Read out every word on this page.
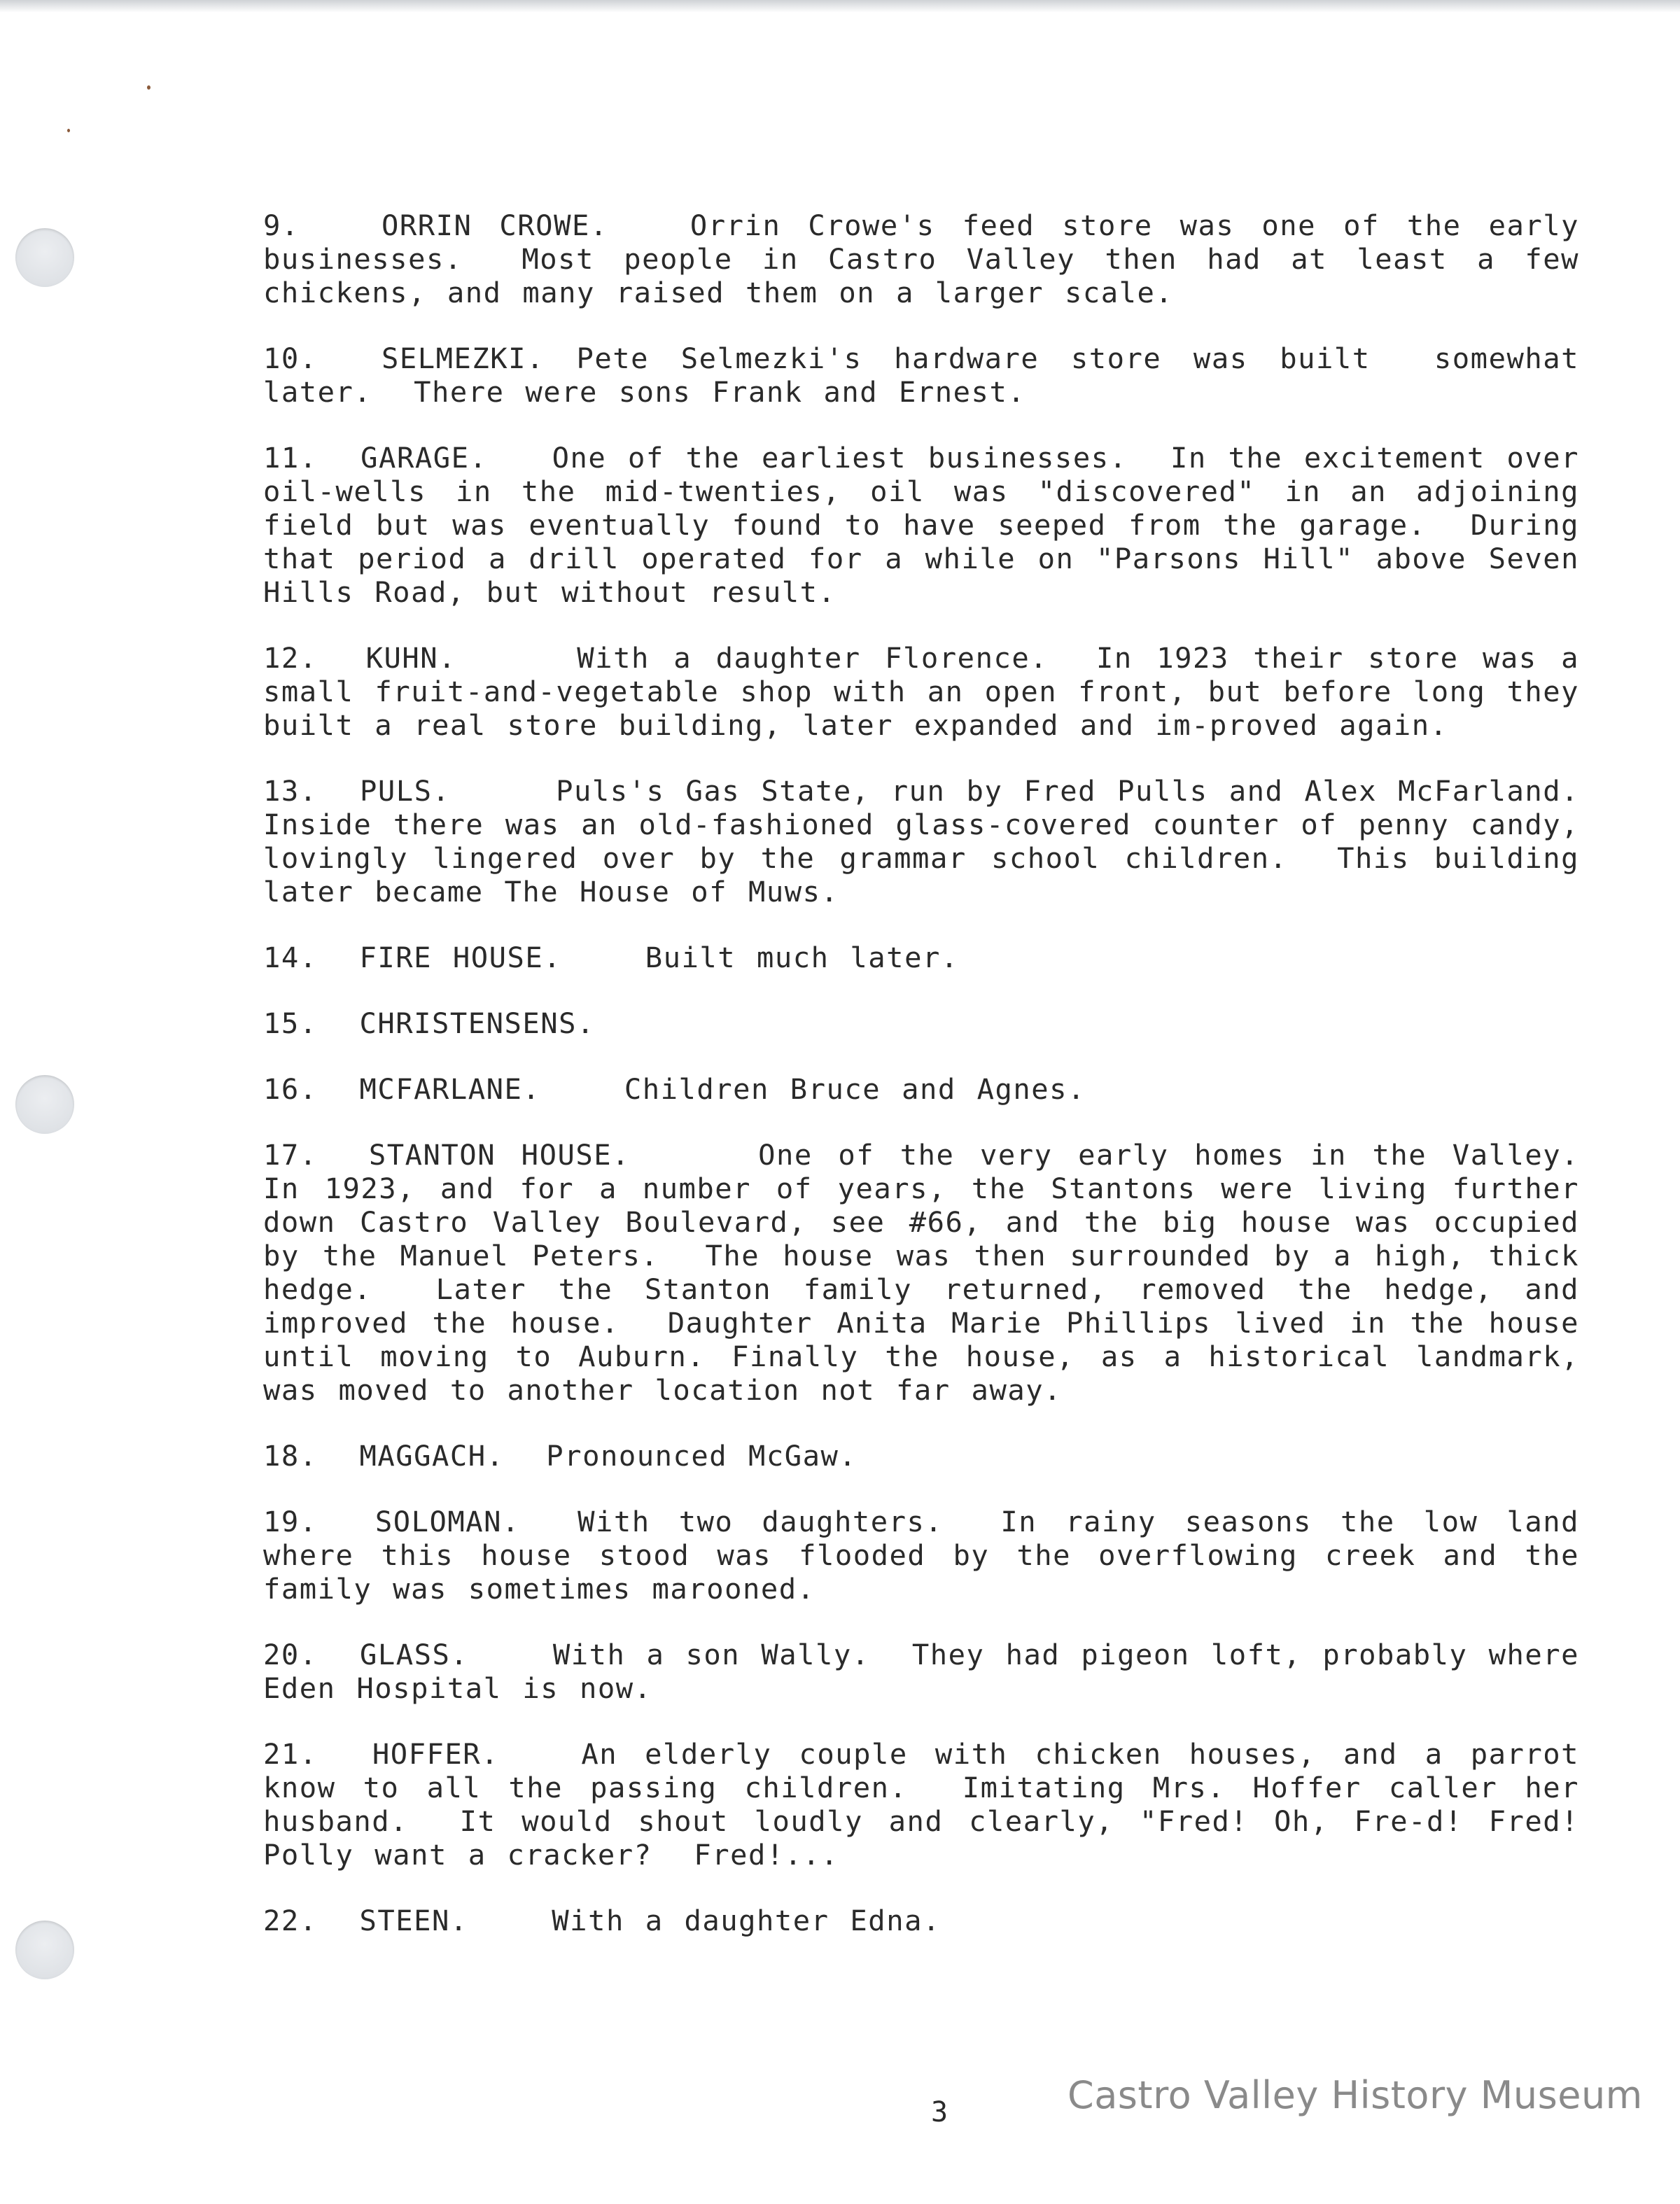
9.	ORRIN CROWE.	Orrin Crowe's feed store was one of the early businesses.  Most people in Castro Valley then had at least a few chickens, and many raised them on a larger scale.

10. SELMEZKI. Pete Selmezki's hardware store was built  somewhat later.  There were sons Frank and Ernest.

11. GARAGE. One of the earliest businesses.  In the excitement over oil-wells in the mid-twenties, oil was "discovered" in an adjoining field but was eventually found to have seeped from the garage.  During that period a drill operated for a while on "Parsons Hill" above Seven Hills Road, but without result.

12. KUHN.	With a daughter Florence.  In 1923 their store was a small fruit-and-vegetable shop with an open front, but before long they built a real store building, later expanded and im-proved again.

13. PULS.	Puls's Gas State, run by Fred Pulls and Alex McFarland.  Inside there was an old-fashioned glass-covered counter of penny candy, lovingly lingered over by the grammar school children.  This building later became The House of Muws.

14. FIRE HOUSE.	Built much later.

15. CHRISTENSENS.

16. MCFARLANE.	Children Bruce and Agnes.

17. STANTON HOUSE.	One of the very early homes in the Valley.  In 1923, and for a number of years, the Stantons were living further down Castro Valley Boulevard, see #66, and the big house was occupied by the Manuel Peters.  The house was then surrounded by a high, thick hedge.  Later the Stanton family returned, removed the hedge, and improved the house.  Daughter Anita Marie Phillips lived in the house until moving to Auburn. Finally the house, as a historical landmark, was moved to another location not far away.

18. MAGGACH. Pronounced McGaw.

19. SOLOMAN. With two daughters.  In rainy seasons the low land where this house stood was flooded by the overflowing creek and the family was sometimes marooned.

20. GLASS.	With a son Wally.  They had pigeon loft, probably where Eden Hospital is now.

21. HOFFER.	An elderly couple with chicken houses, and a parrot know to all the passing children.  Imitating Mrs. Hoffer caller her husband.  It would shout loudly and clearly, "Fred! Oh, Fre-d! Fred!  Polly want a cracker?  Fred!...

22. STEEN.	With a daughter Edna.

3	Castro Valley History Museum
